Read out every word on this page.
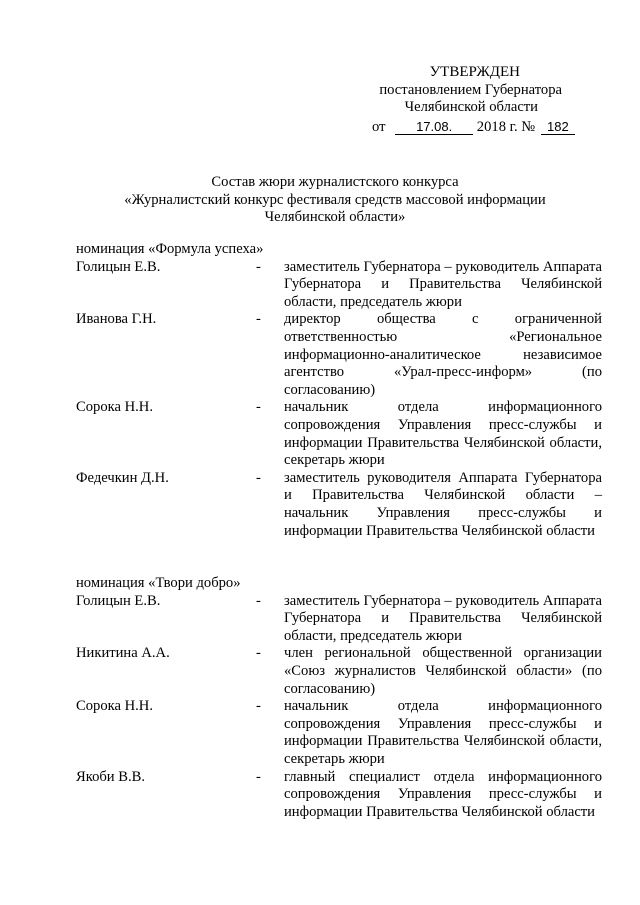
УТВЕРЖДЕН
постановлением Губернатора
Челябинской области
от 17.08. 2018 г. № 182
Состав жюри журналистского конкурса
«Журналистский конкурс фестиваля средств массовой информации
Челябинской области»
номинация «Формула успеха»
Голицын Е.В.	-	заместитель Губернатора – руководитель Аппарата Губернатора и Правительства Челябинской области, председатель жюри
Иванова Г.Н.	-	директор общества с ограниченной ответственностью «Региональное информационно-аналитическое независимое агентство «Урал-пресс-информ» (по согласованию)
Сорока Н.Н.	-	начальник отдела информационного сопровождения Управления пресс-службы и информации Правительства Челябинской области, секретарь жюри
Федечкин Д.Н.	-	заместитель руководителя Аппарата Губернатора и Правительства Челябинской области – начальник Управления пресс-службы и информации Правительства Челябинской области
номинация «Твори добро»
Голицын Е.В.	-	заместитель Губернатора – руководитель Аппарата Губернатора и Правительства Челябинской области, председатель жюри
Никитина А.А.	-	член региональной общественной организации «Союз журналистов Челябинской области» (по согласованию)
Сорока Н.Н.	-	начальник отдела информационного сопровождения Управления пресс-службы и информации Правительства Челябинской области, секретарь жюри
Якоби В.В.	-	главный специалист отдела информационного сопровождения Управления пресс-службы и информации Правительства Челябинской области
